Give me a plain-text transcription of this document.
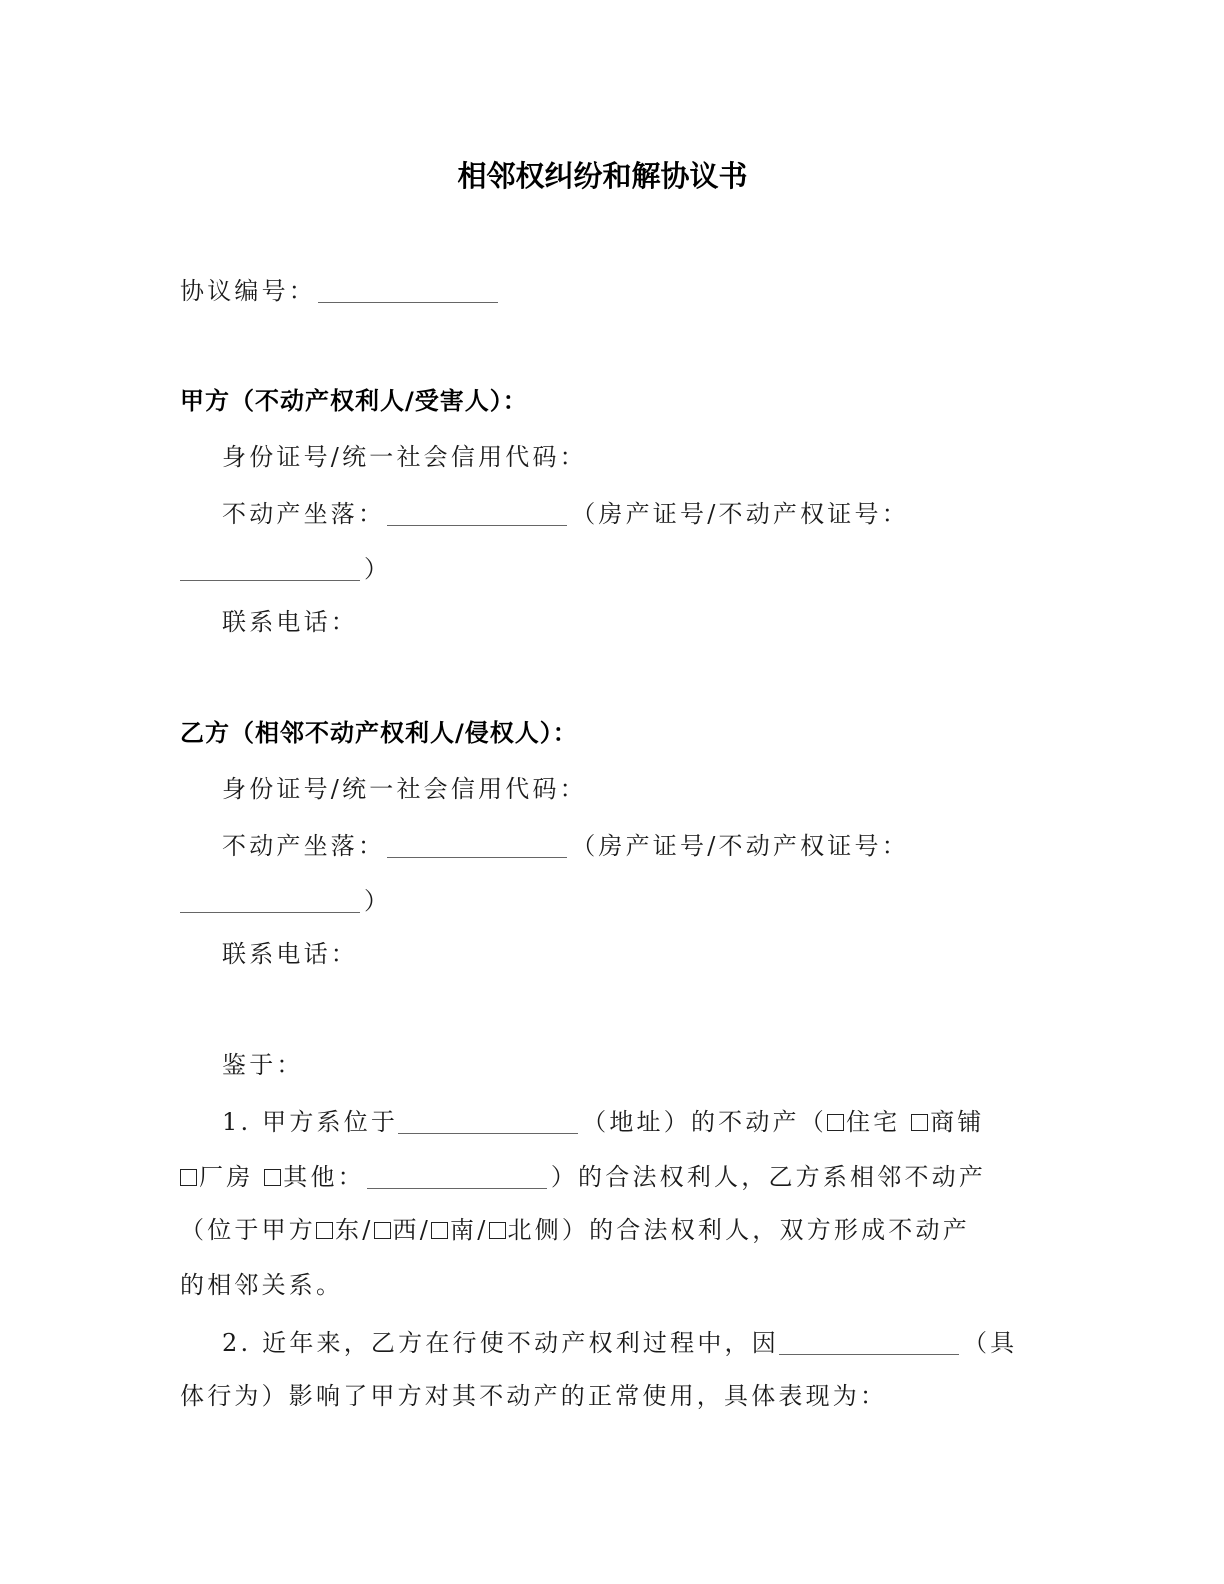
相邻权纠纷和解协议书
协议编号：
甲方（不动产权利人/受害人）：
身份证号/统一社会信用代码：
不动产坐落：	（房产证号/不动产权证号：
）
联系电话：
乙方（相邻不动产权利人/侵权人）：
身份证号/统一社会信用代码：
不动产坐落：	（房产证号/不动产权证号：
）
联系电话：
鉴于：
1. 甲方系位于	（地址）的不动产（ 住宅 商铺
厂房 其他：	）的合法权利人，乙方系相邻不动产
（位于甲方 东/ 西/ 南/ 北侧）的合法权利人，双方形成不动产
的相邻关系。
2. 近年来，乙方在行使不动产权利过程中，因	（具
体行为）影响了甲方对其不动产的正常使用，具体表现为：
